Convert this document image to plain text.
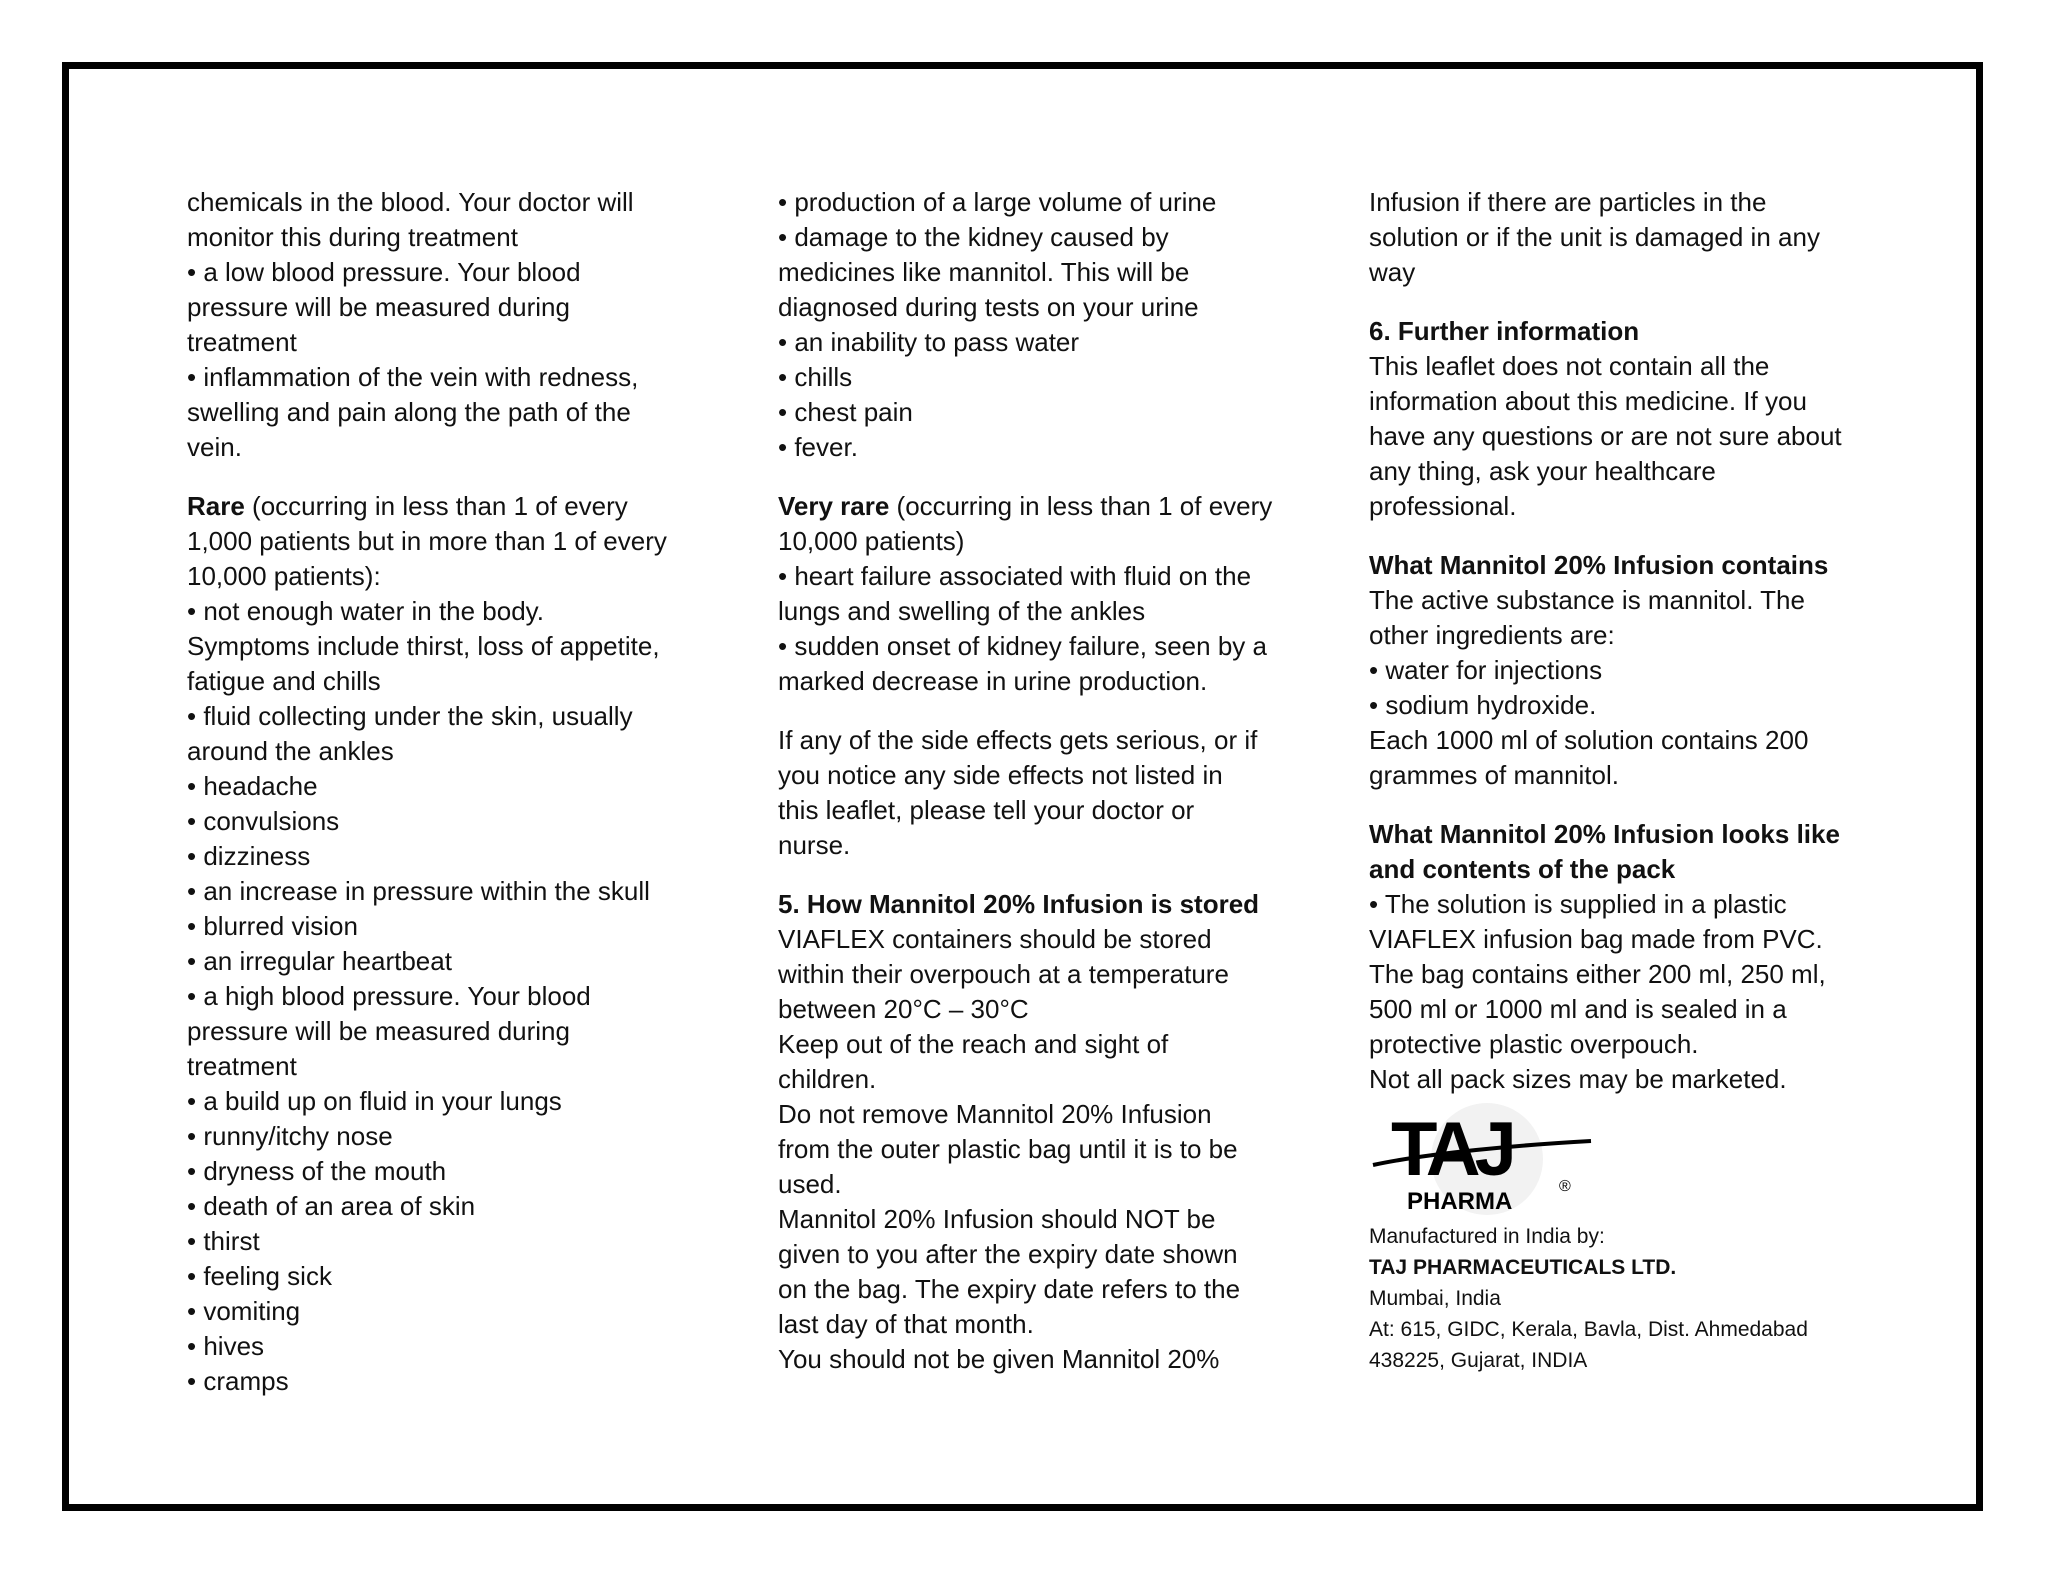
chemicals in the blood. Your doctor will
monitor this during treatment
• a low blood pressure. Your blood
pressure will be measured during
treatment
• inflammation of the vein with redness,
swelling and pain along the path of the
vein.
Rare (occurring in less than 1 of every
1,000 patients but in more than 1 of every
10,000 patients):
• not enough water in the body.
Symptoms include thirst, loss of appetite,
fatigue and chills
• fluid collecting under the skin, usually
around the ankles
• headache
• convulsions
• dizziness
• an increase in pressure within the skull
• blurred vision
• an irregular heartbeat
• a high blood pressure. Your blood
pressure will be measured during
treatment
• a build up on fluid in your lungs
• runny/itchy nose
• dryness of the mouth
• death of an area of skin
• thirst
• feeling sick
• vomiting
• hives
• cramps
• production of a large volume of urine
• damage to the kidney caused by
medicines like mannitol. This will be
diagnosed during tests on your urine
• an inability to pass water
• chills
• chest pain
• fever.
Very rare (occurring in less than 1 of every
10,000 patients)
• heart failure associated with fluid on the
lungs and swelling of the ankles
• sudden onset of kidney failure, seen by a
marked decrease in urine production.
If any of the side effects gets serious, or if
you notice any side effects not listed in
this leaflet, please tell your doctor or
nurse.
5. How Mannitol 20% Infusion is stored
VIAFLEX containers should be stored
within their overpouch at a temperature
between 20°C – 30°C
Keep out of the reach and sight of
children.
Do not remove Mannitol 20% Infusion
from the outer plastic bag until it is to be
used.
Mannitol 20% Infusion should NOT be
given to you after the expiry date shown
on the bag. The expiry date refers to the
last day of that month.
You should not be given Mannitol 20%
Infusion if there are particles in the
solution or if the unit is damaged in any
way
6. Further information
This leaflet does not contain all the
information about this medicine. If you
have any questions or are not sure about
any thing, ask your healthcare
professional.
What Mannitol 20% Infusion contains
The active substance is mannitol. The
other ingredients are:
• water for injections
• sodium hydroxide.
Each 1000 ml of solution contains 200
grammes of mannitol.
What Mannitol 20% Infusion looks like
and contents of the pack
• The solution is supplied in a plastic
VIAFLEX infusion bag made from PVC.
The bag contains either 200 ml, 250 ml,
500 ml or 1000 ml and is sealed in a
protective plastic overpouch.
Not all pack sizes may be marketed.
TAJ
PHARMA
®
Manufactured in India by:
TAJ PHARMACEUTICALS LTD.
Mumbai, India
At: 615, GIDC, Kerala, Bavla, Dist. Ahmedabad
438225, Gujarat, INDIA
